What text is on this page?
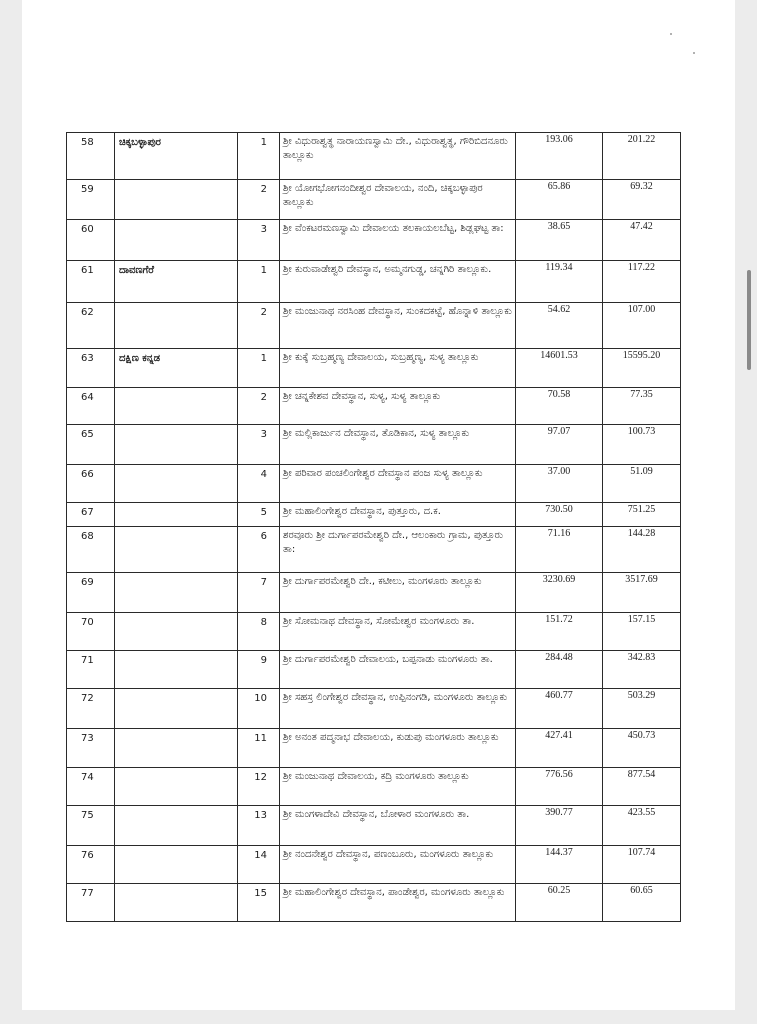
58	ಚಿಕ್ಕಬಳ್ಳಾಪುರ	1	ಶ್ರೀ ವಿಧುರಾಶ್ವತ್ಥ ನಾರಾಯಣಸ್ವಾಮಿ ದೇ., ವಿಧುರಾಶ್ವತ್ಥ, ಗೌರಿಬಿದನೂರು ತಾಲ್ಲೂಕು	193.06	201.22
59		2	ಶ್ರೀ ಯೋಗಭೋಗನಂದೀಶ್ವರ ದೇವಾಲಯ, ನಂದಿ, ಚಿಕ್ಕಬಳ್ಳಾಪುರ ತಾಲ್ಲೂಕು	65.86	69.32
60		3	ಶ್ರೀ ವೆಂಕಟರಮಣಸ್ವಾಮಿ ದೇವಾಲಯ ತಲಕಾಯಲಬೆಟ್ಟ, ಶಿಡ್ಲಘಟ್ಟ ತಾ:	38.65	47.42
61	ದಾವಣಗೆರೆ	1	ಶ್ರೀ ಕುರುವಾಡೇಶ್ವರಿ ದೇವಸ್ಥಾನ, ಅಮ್ಮನಗುಡ್ಡ, ಚನ್ನಗಿರಿ ತಾಲ್ಲೂಕು.	119.34	117.22
62		2	ಶ್ರೀ ಮಂಜುನಾಥ ನರಸಿಂಹ ದೇವಸ್ಥಾನ, ಸುಂಕದಕಟ್ಟೆ, ಹೊನ್ನಾಳಿ ತಾಲ್ಲೂಕು	54.62	107.00
63	ದಕ್ಷಿಣ ಕನ್ನಡ	1	ಶ್ರೀ ಕುಕ್ಕೆ ಸುಬ್ರಹ್ಮಣ್ಯ ದೇವಾಲಯ, ಸುಬ್ರಹ್ಮಣ್ಯ, ಸುಳ್ಯ ತಾಲ್ಲೂಕು	14601.53	15595.20
64		2	ಶ್ರೀ ಚನ್ನಕೇಶವ ದೇವಸ್ಥಾನ, ಸುಳ್ಯ, ಸುಳ್ಯ ತಾಲ್ಲೂಕು	70.58	77.35
65		3	ಶ್ರೀ ಮಲ್ಲಿಕಾರ್ಜುನ ದೇವಸ್ಥಾನ, ತೊಡಿಕಾನ, ಸುಳ್ಯ ತಾಲ್ಲೂಕು	97.07	100.73
66		4	ಶ್ರೀ ಪರಿವಾರ ಪಂಚಲಿಂಗೇಶ್ವರ ದೇವಸ್ಥಾನ ಪಂಜ ಸುಳ್ಯ ತಾಲ್ಲೂಕು	37.00	51.09
67		5	ಶ್ರೀ ಮಹಾಲಿಂಗೇಶ್ವರ ದೇವಸ್ಥಾನ, ಪುತ್ತೂರು, ದ.ಕ.	730.50	751.25
68		6	ಶರವೂರು ಶ್ರೀ ದುರ್ಗಾಪರಮೇಶ್ವರಿ ದೇ., ಆಲಂಕಾರು ಗ್ರಾಮ, ಪುತ್ತೂರು ತಾ:	71.16	144.28
69		7	ಶ್ರೀ ದುರ್ಗಾಪರಮೇಶ್ವರಿ ದೇ., ಕಟೀಲು, ಮಂಗಳೂರು ತಾಲ್ಲೂಕು	3230.69	3517.69
70		8	ಶ್ರೀ ಸೋಮನಾಥ ದೇವಸ್ಥಾನ, ಸೋಮೇಶ್ವರ ಮಂಗಳೂರು ತಾ.	151.72	157.15
71		9	ಶ್ರೀ ದುರ್ಗಾಪರಮೇಶ್ವರಿ ದೇವಾಲಯ, ಬಪ್ಪನಾಡು ಮಂಗಳೂರು ತಾ.	284.48	342.83
72		10	ಶ್ರೀ ಸಹಸ್ರ ಲಿಂಗೇಶ್ವರ ದೇವಸ್ಥಾನ, ಉಪ್ಪಿನಂಗಡಿ, ಮಂಗಳೂರು ತಾಲ್ಲೂಕು	460.77	503.29
73		11	ಶ್ರೀ ಅನಂತ ಪದ್ಮನಾಭ ದೇವಾಲಯ, ಕುಡುಪು ಮಂಗಳೂರು ತಾಲ್ಲೂಕು	427.41	450.73
74		12	ಶ್ರೀ ಮಂಜುನಾಥ ದೇವಾಲಯ, ಕದ್ರಿ ಮಂಗಳೂರು ತಾಲ್ಲೂಕು	776.56	877.54
75		13	ಶ್ರೀ ಮಂಗಳಾದೇವಿ ದೇವಸ್ಥಾನ, ಬೋಳಾರ ಮಂಗಳೂರು ತಾ.	390.77	423.55
76		14	ಶ್ರೀ ನಂದನೇಶ್ವರ ದೇವಸ್ಥಾನ, ಪಣಂಬೂರು, ಮಂಗಳೂರು ತಾಲ್ಲೂಕು	144.37	107.74
77		15	ಶ್ರೀ ಮಹಾಲಿಂಗೇಶ್ವರ ದೇವಸ್ಥಾನ, ಪಾಂಡೇಶ್ವರ, ಮಂಗಳೂರು ತಾಲ್ಲೂಕು	60.25	60.65
